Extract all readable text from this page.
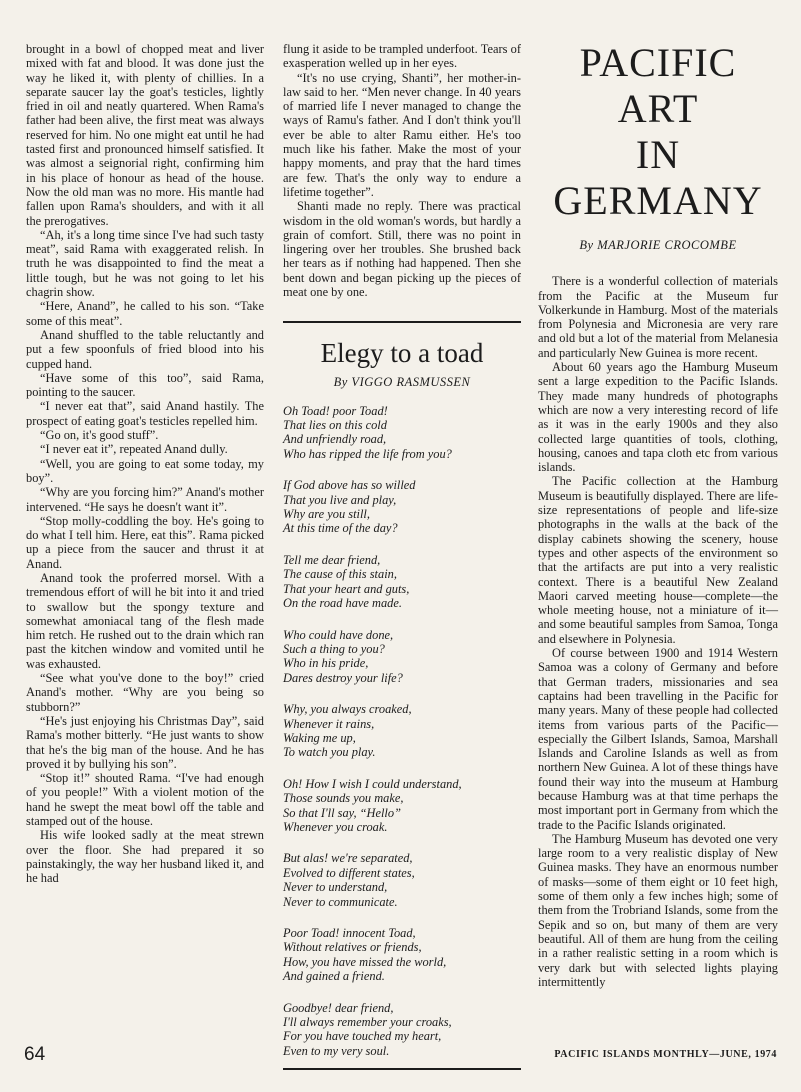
brought in a bowl of chopped meat and liver mixed with fat and blood. It was done just the way he liked it, with plenty of chillies. In a separate saucer lay the goat's testicles, lightly fried in oil and neatly quartered. When Rama's father had been alive, the first meat was always reserved for him. No one might eat until he had tasted first and pronounced himself satisfied. It was almost a seignorial right, confirming him in his place of honour as head of the house. Now the old man was no more. His mantle had fallen upon Rama's shoulders, and with it all the prerogatives.

“Ah, it's a long time since I've had such tasty meat”, said Rama with exaggerated relish. In truth he was disappointed to find the meat a little tough, but he was not going to let his chagrin show.

“Here, Anand”, he called to his son. “Take some of this meat”.

Anand shuffled to the table reluctantly and put a few spoonfuls of fried blood into his cupped hand.

“Have some of this too”, said Rama, pointing to the saucer.

“I never eat that”, said Anand hastily. The prospect of eating goat's testicles repelled him.

“Go on, it's good stuff”.

“I never eat it”, repeated Anand dully.

“Well, you are going to eat some today, my boy”.

“Why are you forcing him?” Anand's mother intervened. “He says he doesn't want it”.

“Stop molly-coddling the boy. He's going to do what I tell him. Here, eat this”. Rama picked up a piece from the saucer and thrust it at Anand.

Anand took the proferred morsel. With a tremendous effort of will he bit into it and tried to swallow but the spongy texture and somewhat amoniacal tang of the flesh made him retch. He rushed out to the drain which ran past the kitchen window and vomited until he was exhausted.

“See what you've done to the boy!” cried Anand's mother. “Why are you being so stubborn?”

“He's just enjoying his Christmas Day”, said Rama's mother bitterly. “He just wants to show that he's the big man of the house. And he has proved it by bullying his son”.

“Stop it!” shouted Rama. “I've had enough of you people!” With a violent motion of the hand he swept the meat bowl off the table and stamped out of the house.

His wife looked sadly at the meat strewn over the floor. She had prepared it so painstakingly, the way her husband liked it, and he had

flung it aside to be trampled underfoot. Tears of exasperation welled up in her eyes.

“It's no use crying, Shanti”, her mother-in-law said to her. “Men never change. In 40 years of married life I never managed to change the ways of Ramu's father. And I don't think you'll ever be able to alter Ramu either. He's too much like his father. Make the most of your happy moments, and pray that the hard times are few. That's the only way to endure a lifetime together”.

Shanti made no reply. There was practical wisdom in the old woman's words, but hardly a grain of comfort. Still, there was no point in lingering over her troubles. She brushed back her tears as if nothing had happened. Then she bent down and began picking up the pieces of meat one by one.

Elegy to a toad
By VIGGO RASMUSSEN
Oh Toad! poor Toad!
That lies on this cold
And unfriendly road,
Who has ripped the life from you?
If God above has so willed
That you live and play,
Why are you still,
At this time of the day?
Tell me dear friend,
The cause of this stain,
That your heart and guts,
On the road have made.
Who could have done,
Such a thing to you?
Who in his pride,
Dares destroy your life?
Why, you always croaked,
Whenever it rains,
Waking me up,
To watch you play.
Oh! How I wish I could understand,
Those sounds you make,
So that I'll say, “Hello”
Whenever you croak.
But alas! we're separated,
Evolved to different states,
Never to understand,
Never to communicate.
Poor Toad! innocent Toad,
Without relatives or friends,
How, you have missed the world,
And gained a friend.
Goodbye! dear friend,
I'll always remember your croaks,
For you have touched my heart,
Even to my very soul.
PACIFIC ART
IN GERMANY
By MARJORIE CROCOMBE

There is a wonderful collection of materials from the Pacific at the Museum fur Volkerkunde in Hamburg. Most of the materials from Polynesia and Micronesia are very rare and old but a lot of the material from Melanesia and particularly New Guinea is more recent.

About 60 years ago the Hamburg Museum sent a large expedition to the Pacific Islands. They made many hundreds of photographs which are now a very interesting record of life as it was in the early 1900s and they also collected large quantities of tools, clothing, housing, canoes and tapa cloth etc from various islands.

The Pacific collection at the Hamburg Museum is beautifully displayed. There are life-size representations of people and life-size photographs in the walls at the back of the display cabinets showing the scenery, house types and other aspects of the environment so that the artifacts are put into a very realistic context. There is a beautiful New Zealand Maori carved meeting house—complete—the whole meeting house, not a miniature of it—and some beautiful samples from Samoa, Tonga and elsewhere in Polynesia.

Of course between 1900 and 1914 Western Samoa was a colony of Germany and before that German traders, missionaries and sea captains had been travelling in the Pacific for many years. Many of these people had collected items from various parts of the Pacific—especially the Gilbert Islands, Samoa, Marshall Islands and Caroline Islands as well as from northern New Guinea. A lot of these things have found their way into the museum at Hamburg because Hamburg was at that time perhaps the most important port in Germany from which the trade to the Pacific Islands originated.

The Hamburg Museum has devoted one very large room to a very realistic display of New Guinea masks. They have an enormous number of masks—some of them eight or 10 feet high, some of them only a few inches high; some of them from the Trobriand Islands, some from the Sepik and so on, but many of them are very beautiful. All of them are hung from the ceiling in a rather realistic setting in a room which is very dark but with selected lights playing intermittently

64	PACIFIC ISLANDS MONTHLY—JUNE, 1974
